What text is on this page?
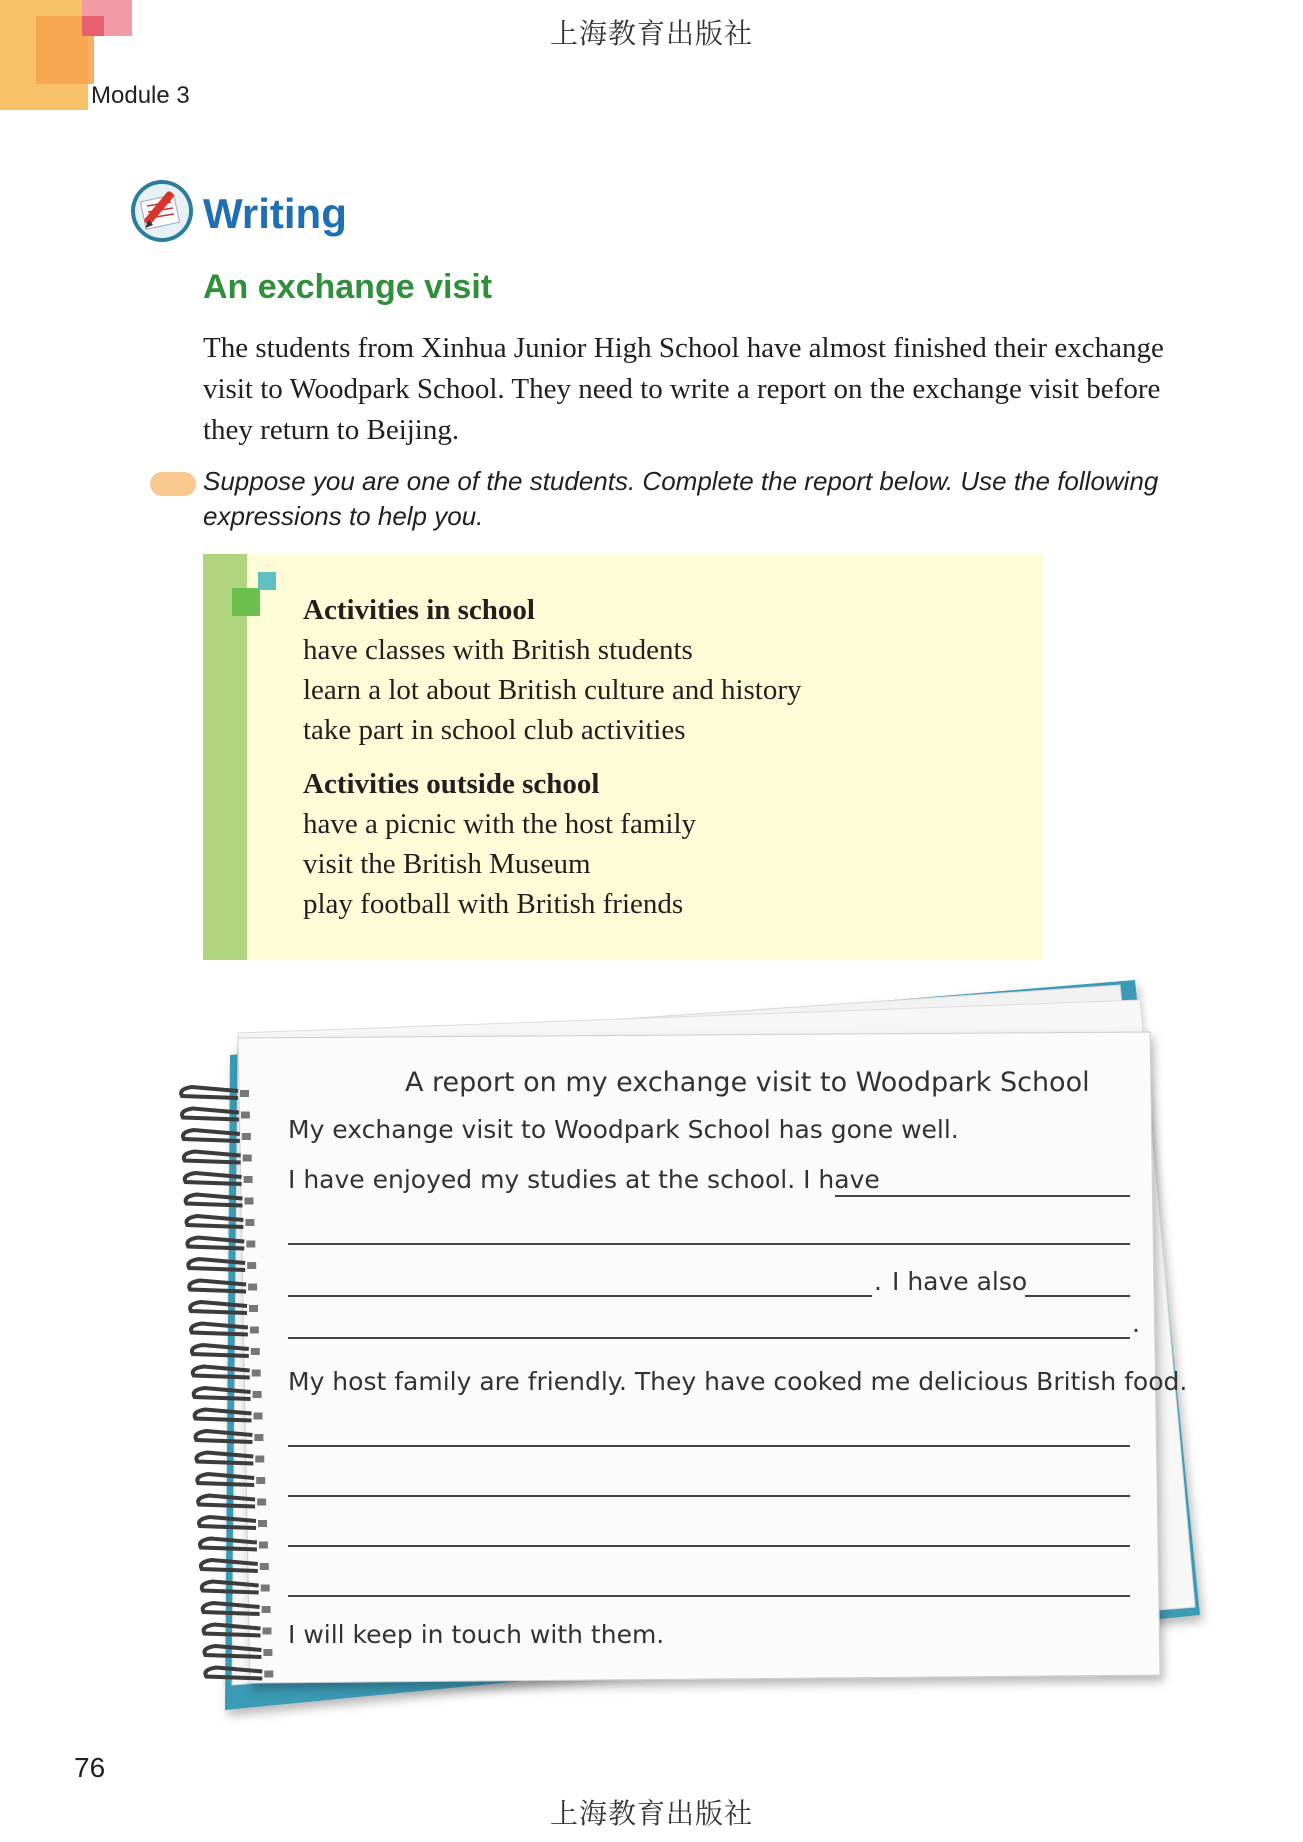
上海教育出版社
Module 3
Writing
An exchange visit
The students from Xinhua Junior High School have almost finished their exchange visit to Woodpark School. They need to write a report on the exchange visit before they return to Beijing.
Suppose you are one of the students. Complete the report below. Use the following expressions to help you.
Activities in school
have classes with British students
learn a lot about British culture and history
take part in school club activities
Activities outside school
have a picnic with the host family
visit the British Museum
play football with British friends
A report on my exchange visit to Woodpark School
My exchange visit to Woodpark School has gone well.
I have enjoyed my studies at the school. I have
. I have also
.
My host family are friendly. They have cooked me delicious British food.
I will keep in touch with them.
76
上海教育出版社
